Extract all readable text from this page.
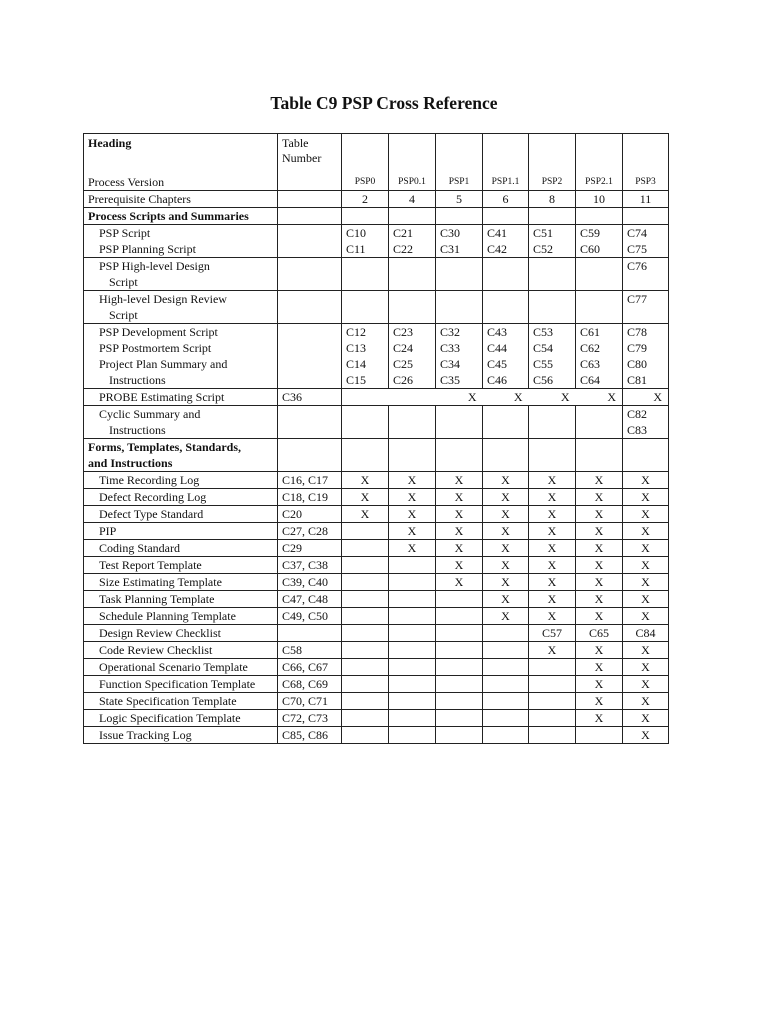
Table C9 PSP Cross Reference
Heading	Table
Number							
Process Version		PSP0	PSP0.1	PSP1	PSP1.1	PSP2	PSP2.1	PSP3
Prerequisite Chapters		2	4	5	6	8	10	11
Process Scripts and Summaries								
PSP Script		C10	C21	C30	C41	C51	C59	C74
PSP Planning Script		C11	C22	C31	C42	C52	C60	C75
PSP High-level Design								C76
Script								
High-level Design Review								C77
Script								
PSP Development Script		C12	C23	C32	C43	C53	C61	C78
PSP Postmortem Script		C13	C24	C33	C44	C54	C62	C79
Project Plan Summary and		C14	C25	C34	C45	C55	C63	C80
Instructions		C15	C26	C35	C46	C56	C64	C81
PROBE Estimating Script	C36			X	X	X	X	X
Cyclic Summary and								C82
Instructions								C83
Forms, Templates, Standards,								
and Instructions								
Time Recording Log	C16, C17	X	X	X	X	X	X	X
Defect Recording Log	C18, C19	X	X	X	X	X	X	X
Defect Type Standard	C20	X	X	X	X	X	X	X
PIP	C27, C28		X	X	X	X	X	X
Coding Standard	C29		X	X	X	X	X	X
Test Report Template	C37, C38			X	X	X	X	X
Size Estimating Template	C39, C40			X	X	X	X	X
Task Planning Template	C47, C48				X	X	X	X
Schedule Planning Template	C49, C50				X	X	X	X
Design Review Checklist						C57	C65	C84
Code Review Checklist	C58					X	X	X
Operational Scenario Template	C66, C67						X	X
Function Specification Template	C68, C69						X	X
State Specification Template	C70, C71						X	X
Logic Specification Template	C72, C73						X	X
Issue Tracking Log	C85, C86							X
